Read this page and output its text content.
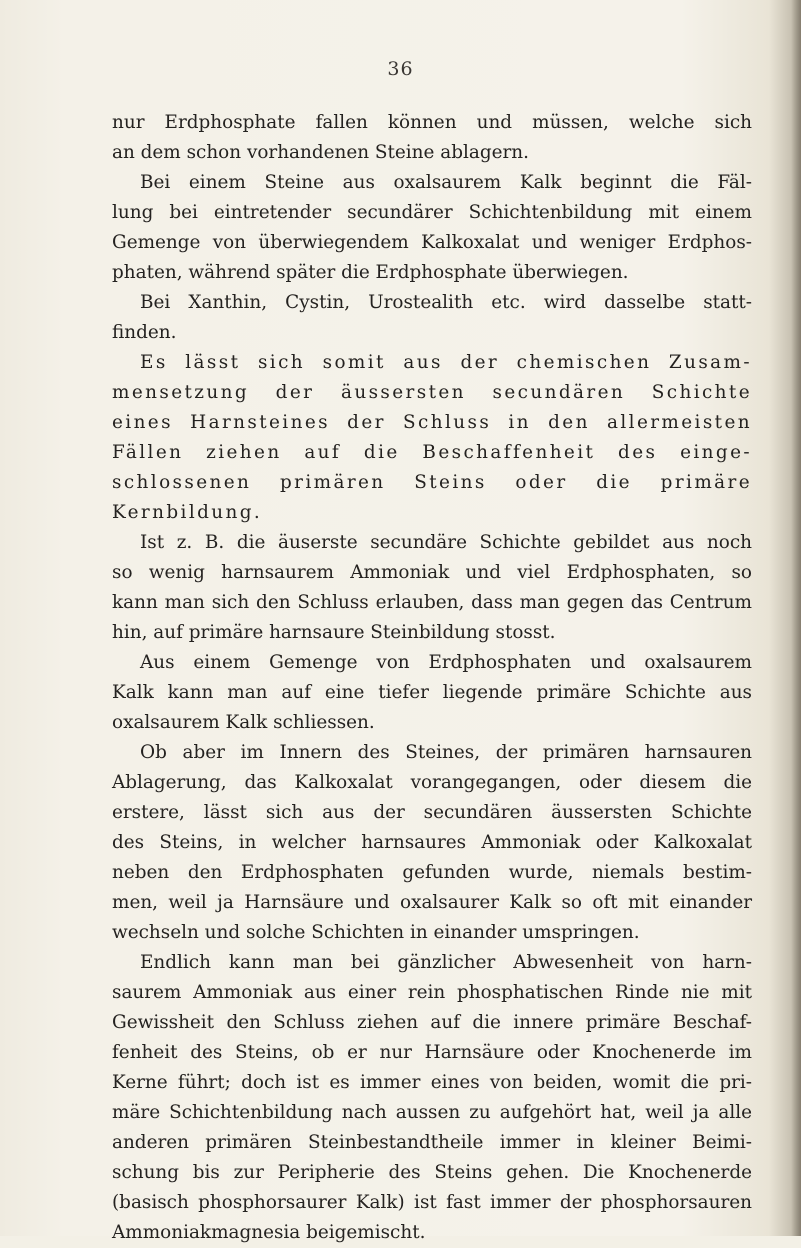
36
nur Erdphosphate fallen können und müssen, welche sich
an dem schon vorhandenen Steine ablagern.
Bei einem Steine aus oxalsaurem Kalk beginnt die Fäl-
lung bei eintretender secundärer Schichtenbildung mit einem
Gemenge von überwiegendem Kalkoxalat und weniger Erdphos-
phaten, während später die Erdphosphate überwiegen.
Bei Xanthin, Cystin, Urostealith etc. wird dasselbe statt-
finden.
Es lässt sich somit aus der chemischen Zusam-
mensetzung der äussersten secundären Schichte
eines Harnsteines der Schluss in den allermeisten
Fällen ziehen auf die Beschaffenheit des einge-
schlossenen primären Steins oder die primäre
Kernbildung.
Ist z. B. die äuserste secundäre Schichte gebildet aus noch
so wenig harnsaurem Ammoniak und viel Erdphosphaten, so
kann man sich den Schluss erlauben, dass man gegen das Centrum
hin, auf primäre harnsaure Steinbildung stosst.
Aus einem Gemenge von Erdphosphaten und oxalsaurem
Kalk kann man auf eine tiefer liegende primäre Schichte aus
oxalsaurem Kalk schliessen.
Ob aber im Innern des Steines, der primären harnsauren
Ablagerung, das Kalkoxalat vorangegangen, oder diesem die
erstere, lässt sich aus der secundären äussersten Schichte
des Steins, in welcher harnsaures Ammoniak oder Kalkoxalat
neben den Erdphosphaten gefunden wurde, niemals bestim-
men, weil ja Harnsäure und oxalsaurer Kalk so oft mit einander
wechseln und solche Schichten in einander umspringen.
Endlich kann man bei gänzlicher Abwesenheit von harn-
saurem Ammoniak aus einer rein phosphatischen Rinde nie mit
Gewissheit den Schluss ziehen auf die innere primäre Beschaf-
fenheit des Steins, ob er nur Harnsäure oder Knochenerde im
Kerne führt; doch ist es immer eines von beiden, womit die pri-
märe Schichtenbildung nach aussen zu aufgehört hat, weil ja alle
anderen primären Steinbestandtheile immer in kleiner Beimi-
schung bis zur Peripherie des Steins gehen. Die Knochenerde
(basisch phosphorsaurer Kalk) ist fast immer der phosphorsauren
Ammoniakmagnesia beigemischt.
